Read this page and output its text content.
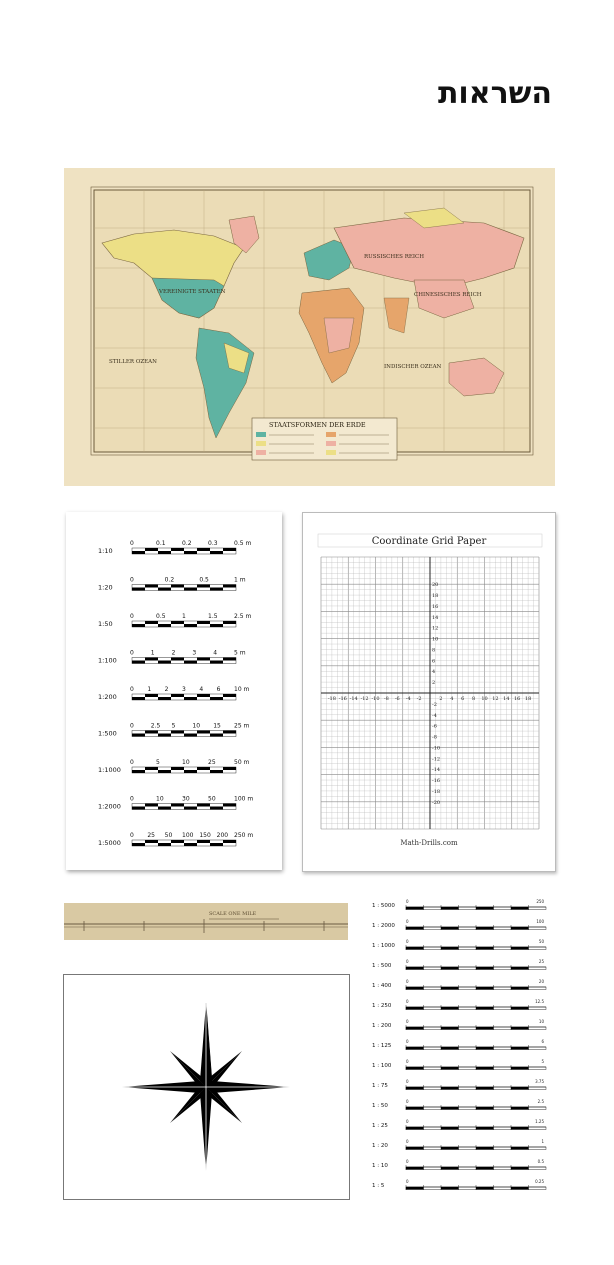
השראות
VEREINIGTE STAATEN
RUSSISCHES REICH
CHINESISCHES REICH
STILLER OZEAN
INDISCHER OZEAN
STAATSFORMEN DER ERDE
1:10
0	0.1	0.2	0.3	0.5 m
1:20
0	0.2	0.5	1 m
1:50
0	0.5	1	1.5	2.5 m
1:100
0	1	2	3	4	5 m
1:200
0 1 2 3 4 6 10 m
1:500
0	2.5 5	10 15 25 m
1:1000
0	5	10	25	50 m
1:2000
0	10	30	50	100 m
1:5000
0 25 50 100 150 200 250 m
Coordinate Grid Paper
-18 -16 -14 -12 -10 -8 -6 -4 -2	2 4 6 8 10 12 14 16 18
20
18
16
14
12
10
8
6
4
2
-2
-4
-6
-8
-10
-12
-14
-16
-18
-20
Math-Drills.com
SCALE ONE MILE
1 : 5000
0	250
1 : 2000
0	100
1 : 1000
0	50
1 : 500
0	25
1 : 400
0	20
1 : 250
0	12.5
1 : 200
0	10
1 : 125
0	6
1 : 100
0	5
1 : 75
0	3.75
1 : 50
0	2.5
1 : 25
0	1.25
1 : 20
0	1
1 : 10
0	0.5
1 : 5
0	0.25
